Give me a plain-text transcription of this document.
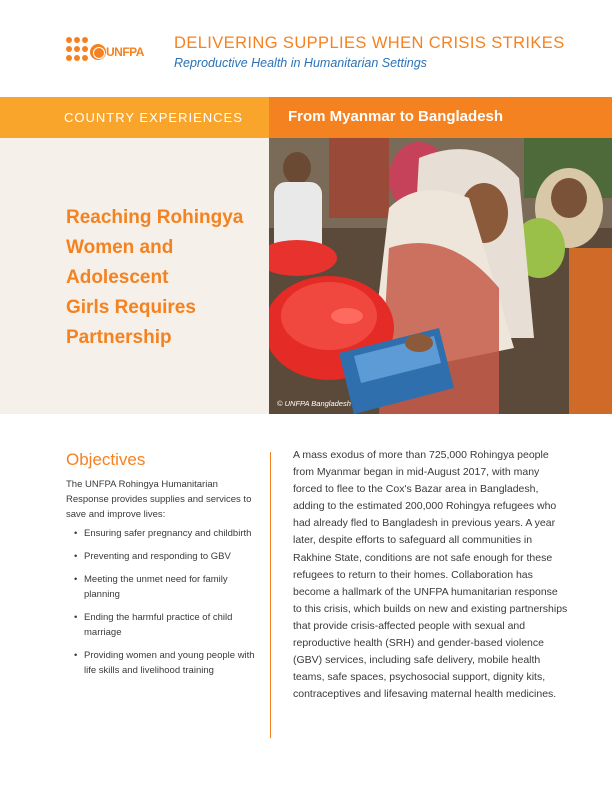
UNFPA DELIVERING SUPPLIES WHEN CRISIS STRIKES
Reproductive Health in Humanitarian Settings
COUNTRY EXPERIENCES	From Myanmar to Bangladesh
Reaching Rohingya
Women and
Adolescent
Girls Requires
Partnership
© UNFPA Bangladesh
Objectives
The UNFPA Rohingya Humanitarian Response provides supplies and services to save and improve lives:
• Ensuring safer pregnancy and childbirth
• Preventing and responding to GBV
• Meeting the unmet need for family planning
• Ending the harmful practice of child marriage
• Providing women and young people with life skills and livelihood training
A mass exodus of more than 725,000 Rohingya people from Myanmar began in mid-August 2017, with many forced to flee to the Cox's Bazar area in Bangladesh, adding to the estimated 200,000 Rohingya refugees who had already fled to Bangladesh in previous years. A year later, despite efforts to safeguard all communities in Rakhine State, conditions are not safe enough for these refugees to return to their homes. Collaboration has become a hallmark of the UNFPA humanitarian response to this crisis, which builds on new and existing partnerships that provide crisis-affected people with sexual and reproductive health (SRH) and gender-based violence (GBV) services, including safe delivery, mobile health teams, safe spaces, psychosocial support, dignity kits, contraceptives and lifesaving maternal health medicines.
